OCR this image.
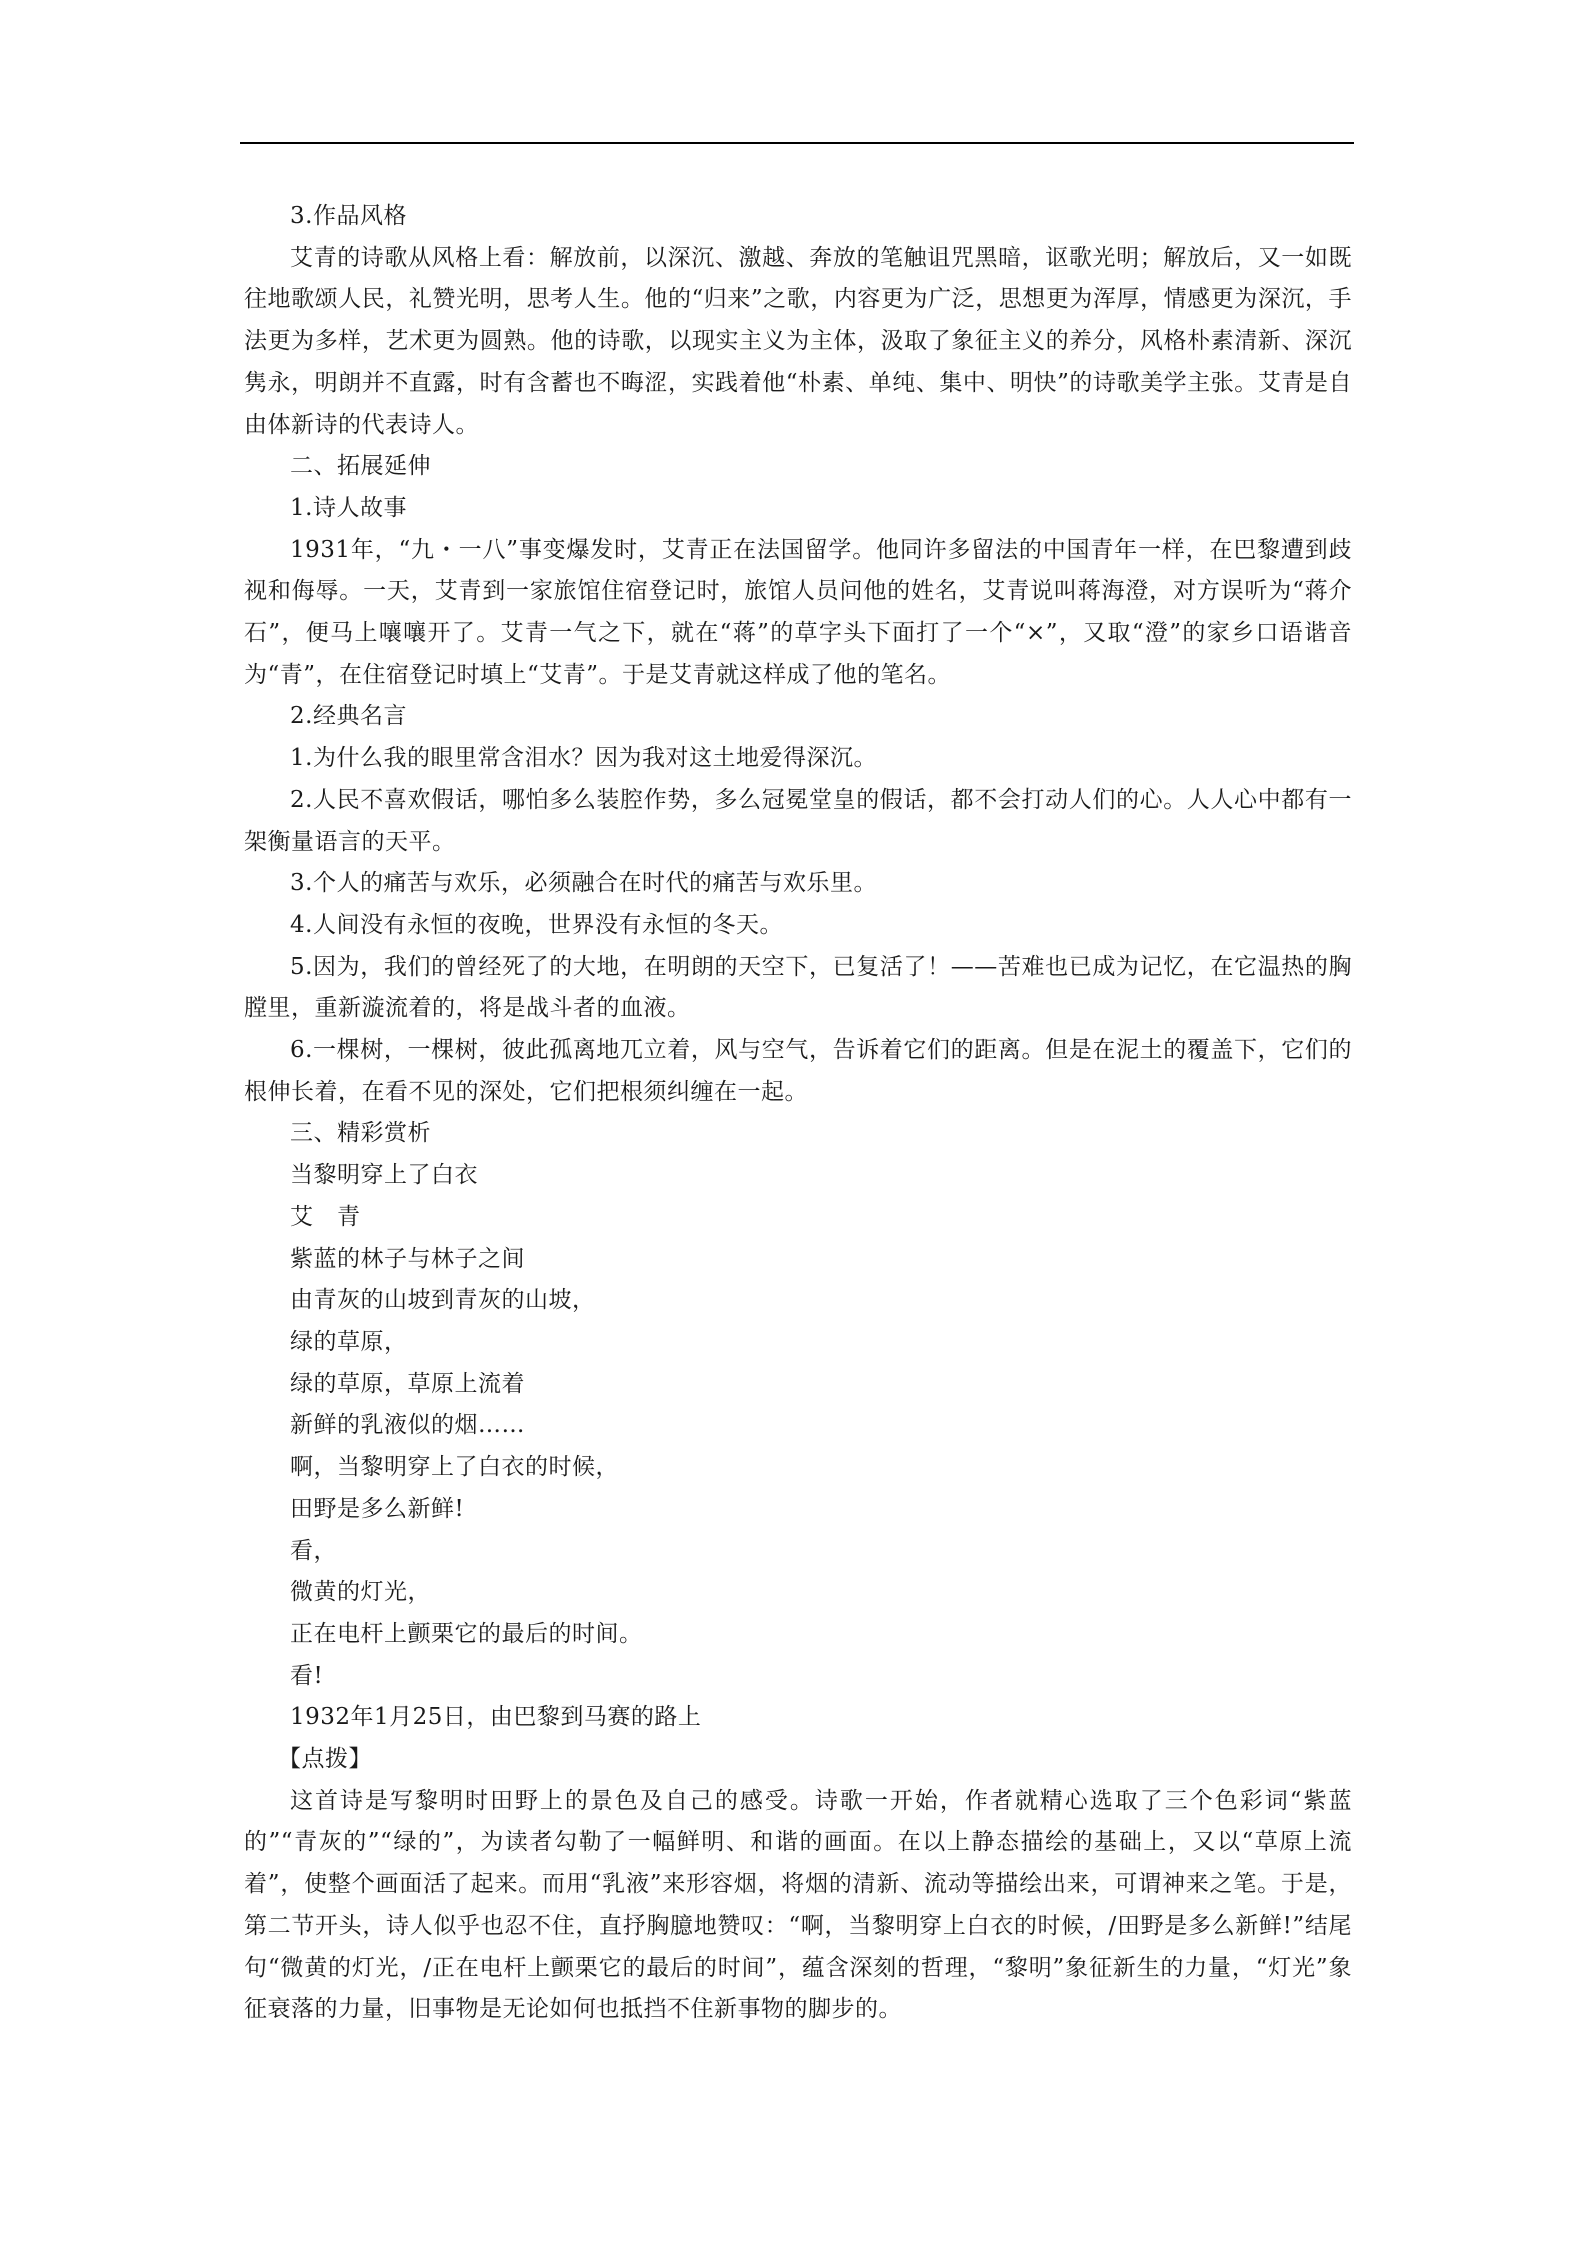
3.作品风格

艾青的诗歌从风格上看：解放前，以深沉、激越、奔放的笔触诅咒黑暗，讴歌光明；解放后，又一如既往地歌颂人民，礼赞光明，思考人生。他的“归来”之歌，内容更为广泛，思想更为浑厚，情感更为深沉，手法更为多样，艺术更为圆熟。他的诗歌，以现实主义为主体，汲取了象征主义的养分，风格朴素清新、深沉隽永，明朗并不直露，时有含蓄也不晦涩，实践着他“朴素、单纯、集中、明快”的诗歌美学主张。艾青是自由体新诗的代表诗人。

二、拓展延伸

1.诗人故事

1931年，“九・一八”事变爆发时，艾青正在法国留学。他同许多留法的中国青年一样，在巴黎遭到歧视和侮辱。一天，艾青到一家旅馆住宿登记时，旅馆人员问他的姓名，艾青说叫蒋海澄，对方误听为“蒋介石”，便马上嚷嚷开了。艾青一气之下，就在“蒋”的草字头下面打了一个“×”，又取“澄”的家乡口语谐音为“青”，在住宿登记时填上“艾青”。于是艾青就这样成了他的笔名。

2.经典名言

1.为什么我的眼里常含泪水？因为我对这土地爱得深沉。

2.人民不喜欢假话，哪怕多么装腔作势，多么冠冕堂皇的假话，都不会打动人们的心。人人心中都有一架衡量语言的天平。

3.个人的痛苦与欢乐，必须融合在时代的痛苦与欢乐里。

4.人间没有永恒的夜晚，世界没有永恒的冬天。

5.因为，我们的曾经死了的大地，在明朗的天空下，已复活了！——苦难也已成为记忆，在它温热的胸膛里，重新漩流着的，将是战斗者的血液。

6.一棵树，一棵树，彼此孤离地兀立着，风与空气，告诉着它们的距离。但是在泥土的覆盖下，它们的根伸长着，在看不见的深处，它们把根须纠缠在一起。

三、精彩赏析

当黎明穿上了白衣

艾　青

紫蓝的林子与林子之间

由青灰的山坡到青灰的山坡，

绿的草原，

绿的草原，草原上流着

新鲜的乳液似的烟……

啊，当黎明穿上了白衣的时候，

田野是多么新鲜!

看，

微黄的灯光，

正在电杆上颤栗它的最后的时间。

看!

1932年1月25日，由巴黎到马赛的路上

【点拨】

这首诗是写黎明时田野上的景色及自己的感受。诗歌一开始，作者就精心选取了三个色彩词“紫蓝的”“青灰的”“绿的”，为读者勾勒了一幅鲜明、和谐的画面。在以上静态描绘的基础上，又以“草原上流着”，使整个画面活了起来。而用“乳液”来形容烟，将烟的清新、流动等描绘出来，可谓神来之笔。于是，第二节开头，诗人似乎也忍不住，直抒胸臆地赞叹：“啊，当黎明穿上白衣的时候，/田野是多么新鲜!”结尾句“微黄的灯光，/正在电杆上颤栗它的最后的时间”，蕴含深刻的哲理，“黎明”象征新生的力量，“灯光”象征衰落的力量，旧事物是无论如何也抵挡不住新事物的脚步的。
